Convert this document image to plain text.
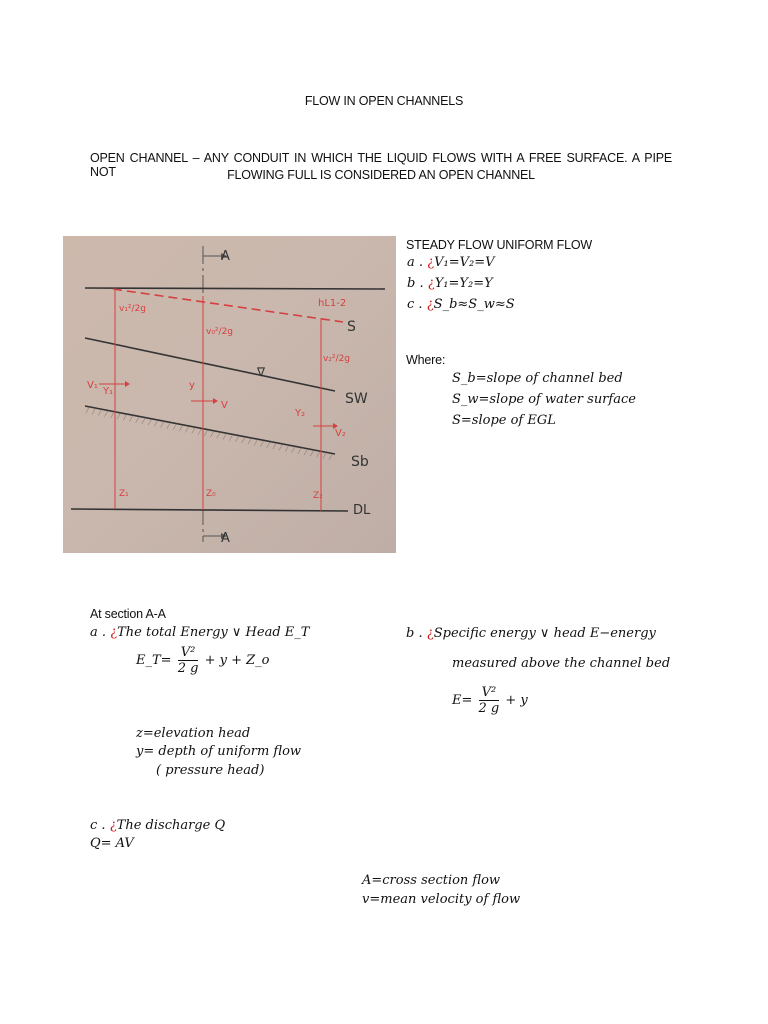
FLOW IN OPEN CHANNELS
OPEN CHANNEL – ANY CONDUIT IN WHICH THE LIQUID FLOWS WITH A FREE SURFACE. A PIPE NOT	FLOWING FULL IS CONSIDERED AN OPEN CHANNEL
v₁²/2g
v₀²/2g
v₂²/2g
hL1-2
S
SW
Sb
DL
A
A
V₁	y
V
Y₂
V₂
Y₁
Z₁	Z₀	Z₂
∇
STEADY FLOW UNIFORM FLOW
a . ¿V₁=V₂=V
b . ¿Y₁=Y₂=Y
c . ¿S_b≈S_w≈S
Where:
S_b=slope of channel bed
S_w=slope of water surface
S=slope of EGL
At section A-A
a . ¿The total Energy ∨ Head E_T
E_T= $\frac{\text{V²}}{2 g} + y$ + Z_o
z=elevation head
y= depth of uniform flow
( pressure head)
b . ¿Specific energy ∨ head E−energy
measured above the channel bed
$E= \frac{\text{V²}}{2 g} + y$
c . ¿The discharge Q
Q= AV
A=cross section flow
v=mean velocity of flow
